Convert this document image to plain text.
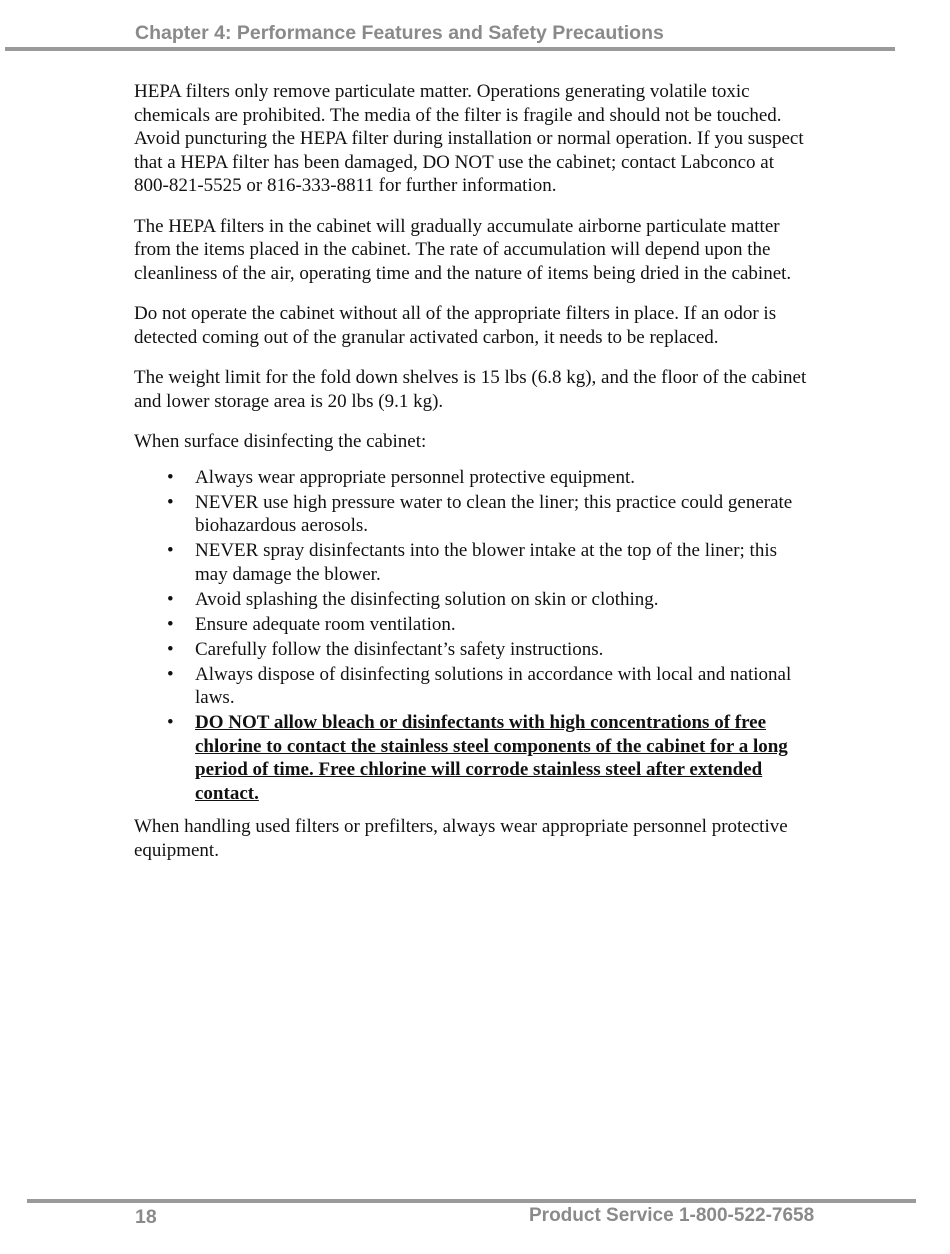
Chapter 4: Performance Features and Safety Precautions

HEPA filters only remove particulate matter. Operations generating volatile toxic chemicals are prohibited. The media of the filter is fragile and should not be touched. Avoid puncturing the HEPA filter during installation or normal operation. If you suspect that a HEPA filter has been damaged, DO NOT use the cabinet; contact Labconco at 800-821-5525 or 816-333-8811 for further information.

The HEPA filters in the cabinet will gradually accumulate airborne particulate matter from the items placed in the cabinet. The rate of accumulation will depend upon the cleanliness of the air, operating time and the nature of items being dried in the cabinet.

Do not operate the cabinet without all of the appropriate filters in place. If an odor is detected coming out of the granular activated carbon, it needs to be replaced.

The weight limit for the fold down shelves is 15 lbs (6.8 kg), and the floor of the cabinet and lower storage area is 20 lbs (9.1 kg).

When surface disinfecting the cabinet:

• Always wear appropriate personnel protective equipment.
• NEVER use high pressure water to clean the liner; this practice could generate biohazardous aerosols.
• NEVER spray disinfectants into the blower intake at the top of the liner; this may damage the blower.
• Avoid splashing the disinfecting solution on skin or clothing.
• Ensure adequate room ventilation.
• Carefully follow the disinfectant’s safety instructions.
• Always dispose of disinfecting solutions in accordance with local and national laws.
• DO NOT allow bleach or disinfectants with high concentrations of free chlorine to contact the stainless steel components of the cabinet for a long period of time. Free chlorine will corrode stainless steel after extended contact.

When handling used filters or prefilters, always wear appropriate personnel protective equipment.

18	Product Service 1-800-522-7658
